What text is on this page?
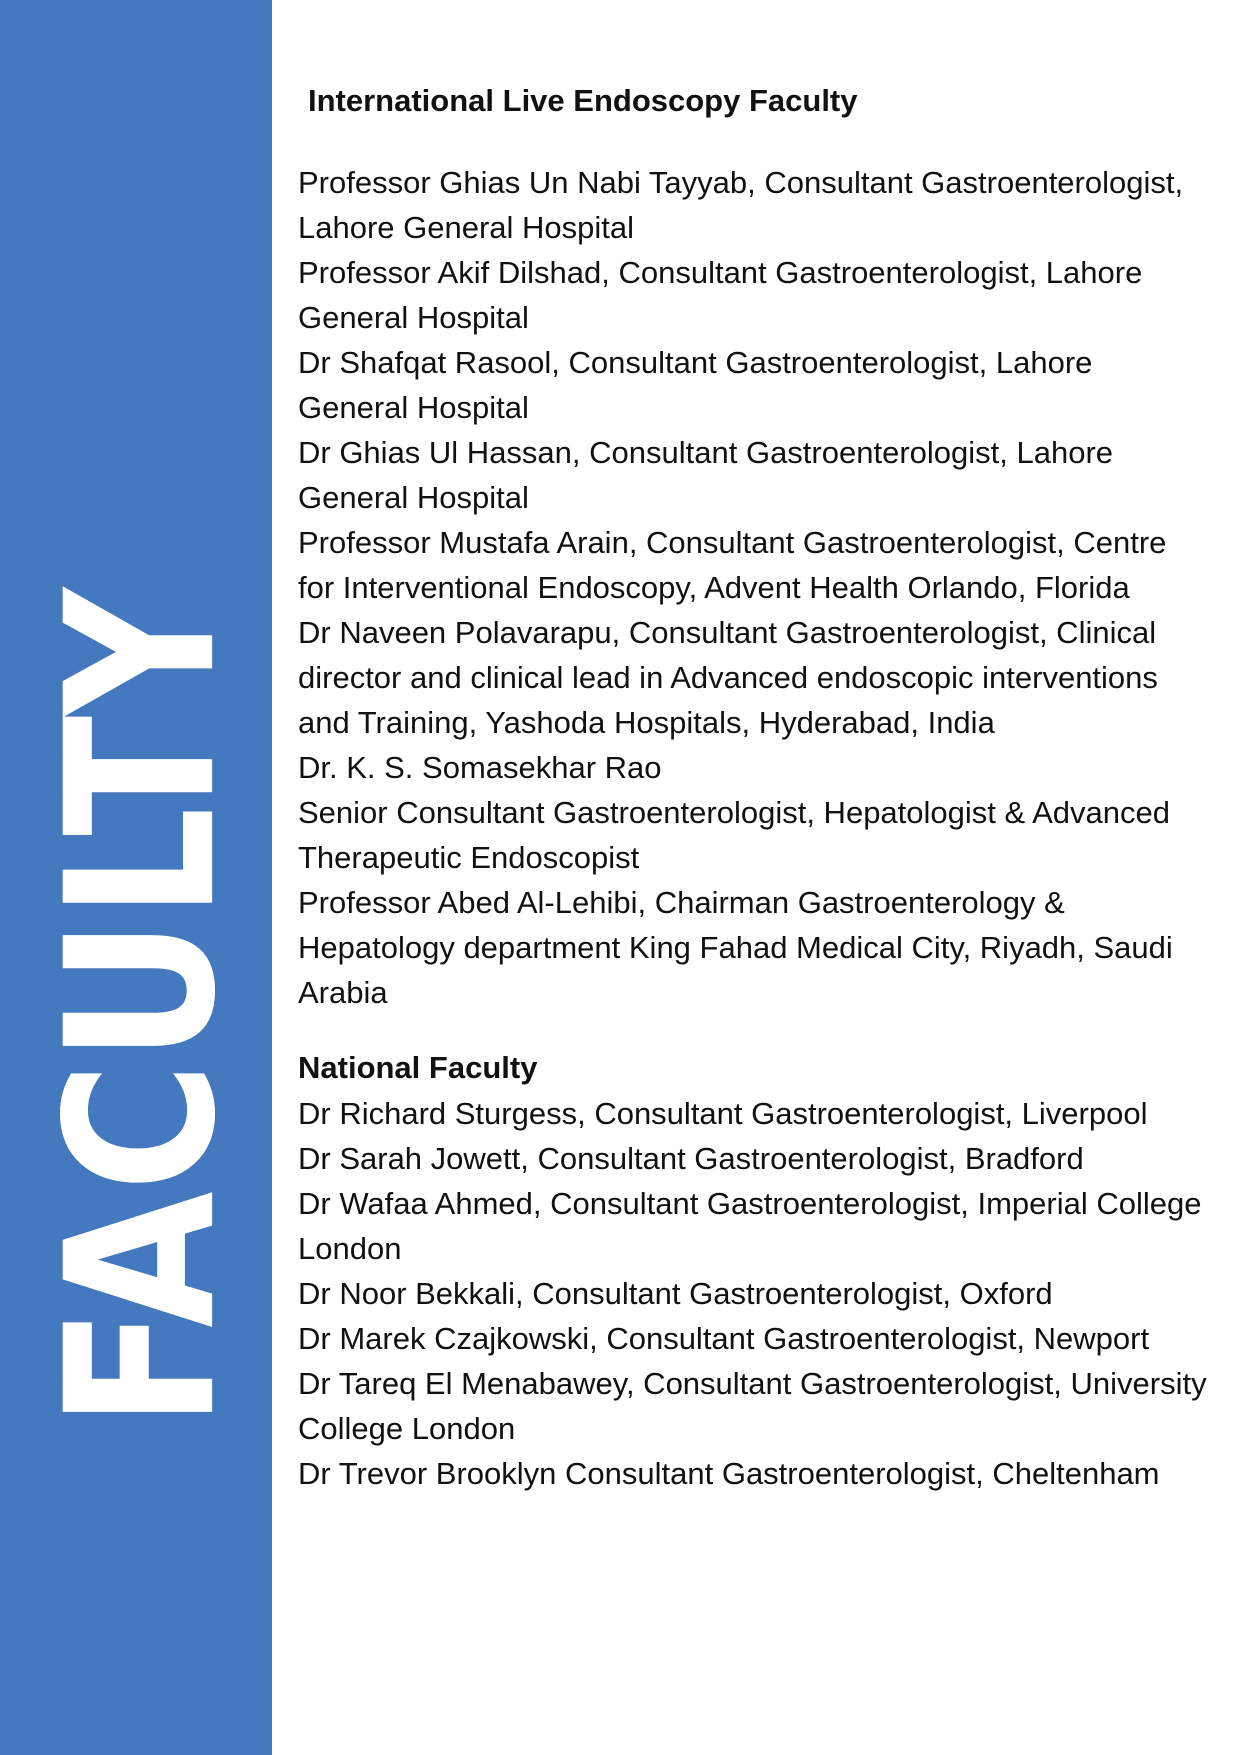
FACULTY
International Live Endoscopy Faculty
Professor Ghias Un Nabi Tayyab, Consultant Gastroenterologist, Lahore General Hospital
Professor Akif Dilshad, Consultant Gastroenterologist, Lahore General Hospital
Dr Shafqat Rasool, Consultant Gastroenterologist, Lahore General Hospital
Dr Ghias Ul Hassan, Consultant Gastroenterologist, Lahore General Hospital
Professor Mustafa Arain, Consultant Gastroenterologist, Centre for Interventional Endoscopy, Advent Health Orlando, Florida
Dr Naveen Polavarapu, Consultant Gastroenterologist, Clinical director and clinical lead in Advanced endoscopic interventions and Training, Yashoda Hospitals, Hyderabad, India
Dr. K. S. Somasekhar Rao
Senior Consultant Gastroenterologist, Hepatologist & Advanced Therapeutic Endoscopist
Professor Abed Al-Lehibi, Chairman Gastroenterology & Hepatology department King Fahad Medical City, Riyadh, Saudi Arabia
National Faculty
Dr Richard Sturgess, Consultant Gastroenterologist, Liverpool
Dr Sarah Jowett, Consultant Gastroenterologist, Bradford
Dr Wafaa Ahmed, Consultant Gastroenterologist, Imperial College London
Dr Noor Bekkali, Consultant Gastroenterologist, Oxford
Dr Marek Czajkowski, Consultant Gastroenterologist, Newport
Dr Tareq El Menabawey, Consultant Gastroenterologist, University College London
Dr Trevor Brooklyn Consultant Gastroenterologist, Cheltenham
